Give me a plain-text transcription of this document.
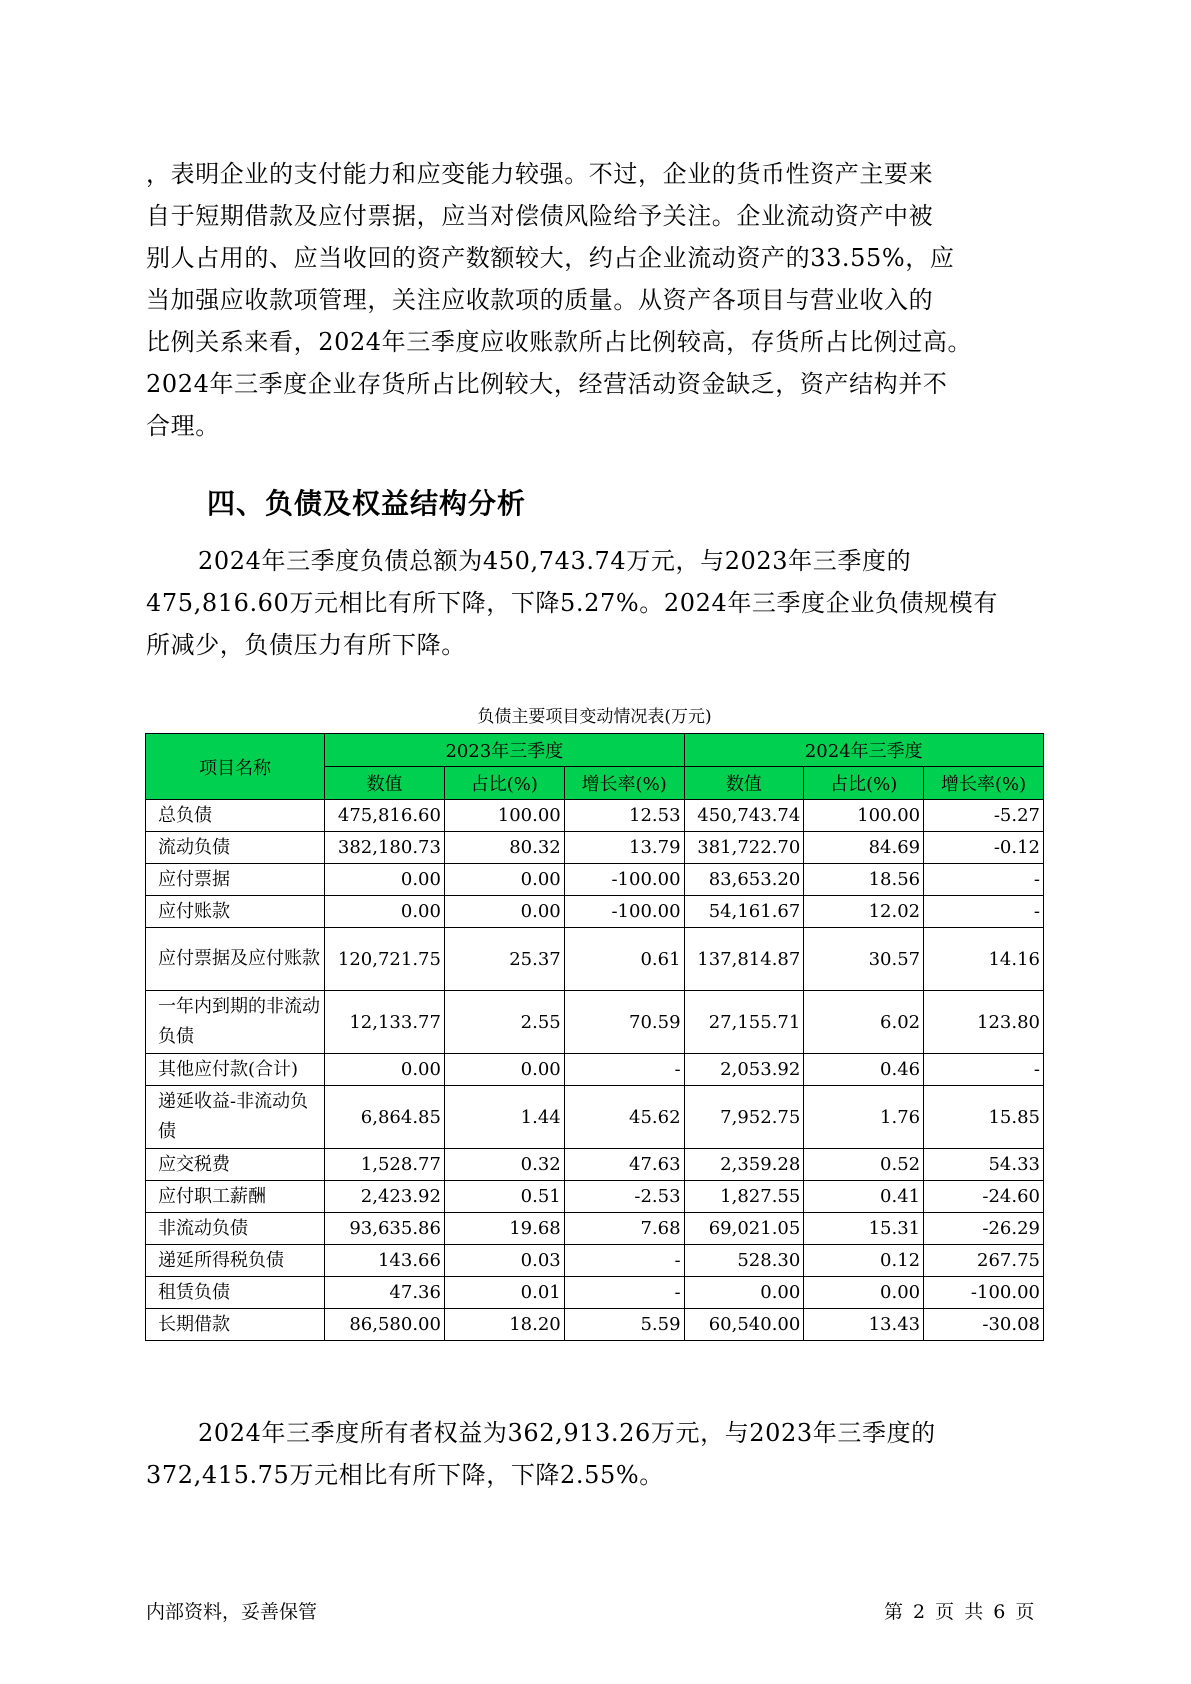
，表明企业的支付能力和应变能力较强。不过，企业的货币性资产主要来
自于短期借款及应付票据，应当对偿债风险给予关注。企业流动资产中被
别人占用的、应当收回的资产数额较大，约占企业流动资产的33.55%，应
当加强应收款项管理，关注应收款项的质量。从资产各项目与营业收入的
比例关系来看，2024年三季度应收账款所占比例较高，存货所占比例过高。
2024年三季度企业存货所占比例较大，经营活动资金缺乏，资产结构并不
合理。
四、负债及权益结构分析
2024年三季度负债总额为450,743.74万元，与2023年三季度的
475,816.60万元相比有所下降，下降5.27%。2024年三季度企业负债规模有
所减少，负债压力有所下降。
负债主要项目变动情况表(万元)
项目名称	2023年三季度			2024年三季度		
	数值	占比(%)	增长率(%)	数值	占比(%)	增长率(%)
总负债	475,816.60	100.00	12.53	450,743.74	100.00	-5.27
流动负债	382,180.73	80.32	13.79	381,722.70	84.69	-0.12
应付票据	0.00	0.00	-100.00	83,653.20	18.56	-
应付账款	0.00	0.00	-100.00	54,161.67	12.02	-
应付票据及应付账款	120,721.75	25.37	0.61	137,814.87	30.57	14.16
一年内到期的非流动负债	12,133.77	2.55	70.59	27,155.71	6.02	123.80
其他应付款(合计)	0.00	0.00	-	2,053.92	0.46	-
递延收益-非流动负债	6,864.85	1.44	45.62	7,952.75	1.76	15.85
应交税费	1,528.77	0.32	47.63	2,359.28	0.52	54.33
应付职工薪酬	2,423.92	0.51	-2.53	1,827.55	0.41	-24.60
非流动负债	93,635.86	19.68	7.68	69,021.05	15.31	-26.29
递延所得税负债	143.66	0.03	-	528.30	0.12	267.75
租赁负债	47.36	0.01	-	0.00	0.00	-100.00
长期借款	86,580.00	18.20	5.59	60,540.00	13.43	-30.08
2024年三季度所有者权益为362,913.26万元，与2023年三季度的
372,415.75万元相比有所下降，下降2.55%。
内部资料，妥善保管	第 2 页 共 6 页
